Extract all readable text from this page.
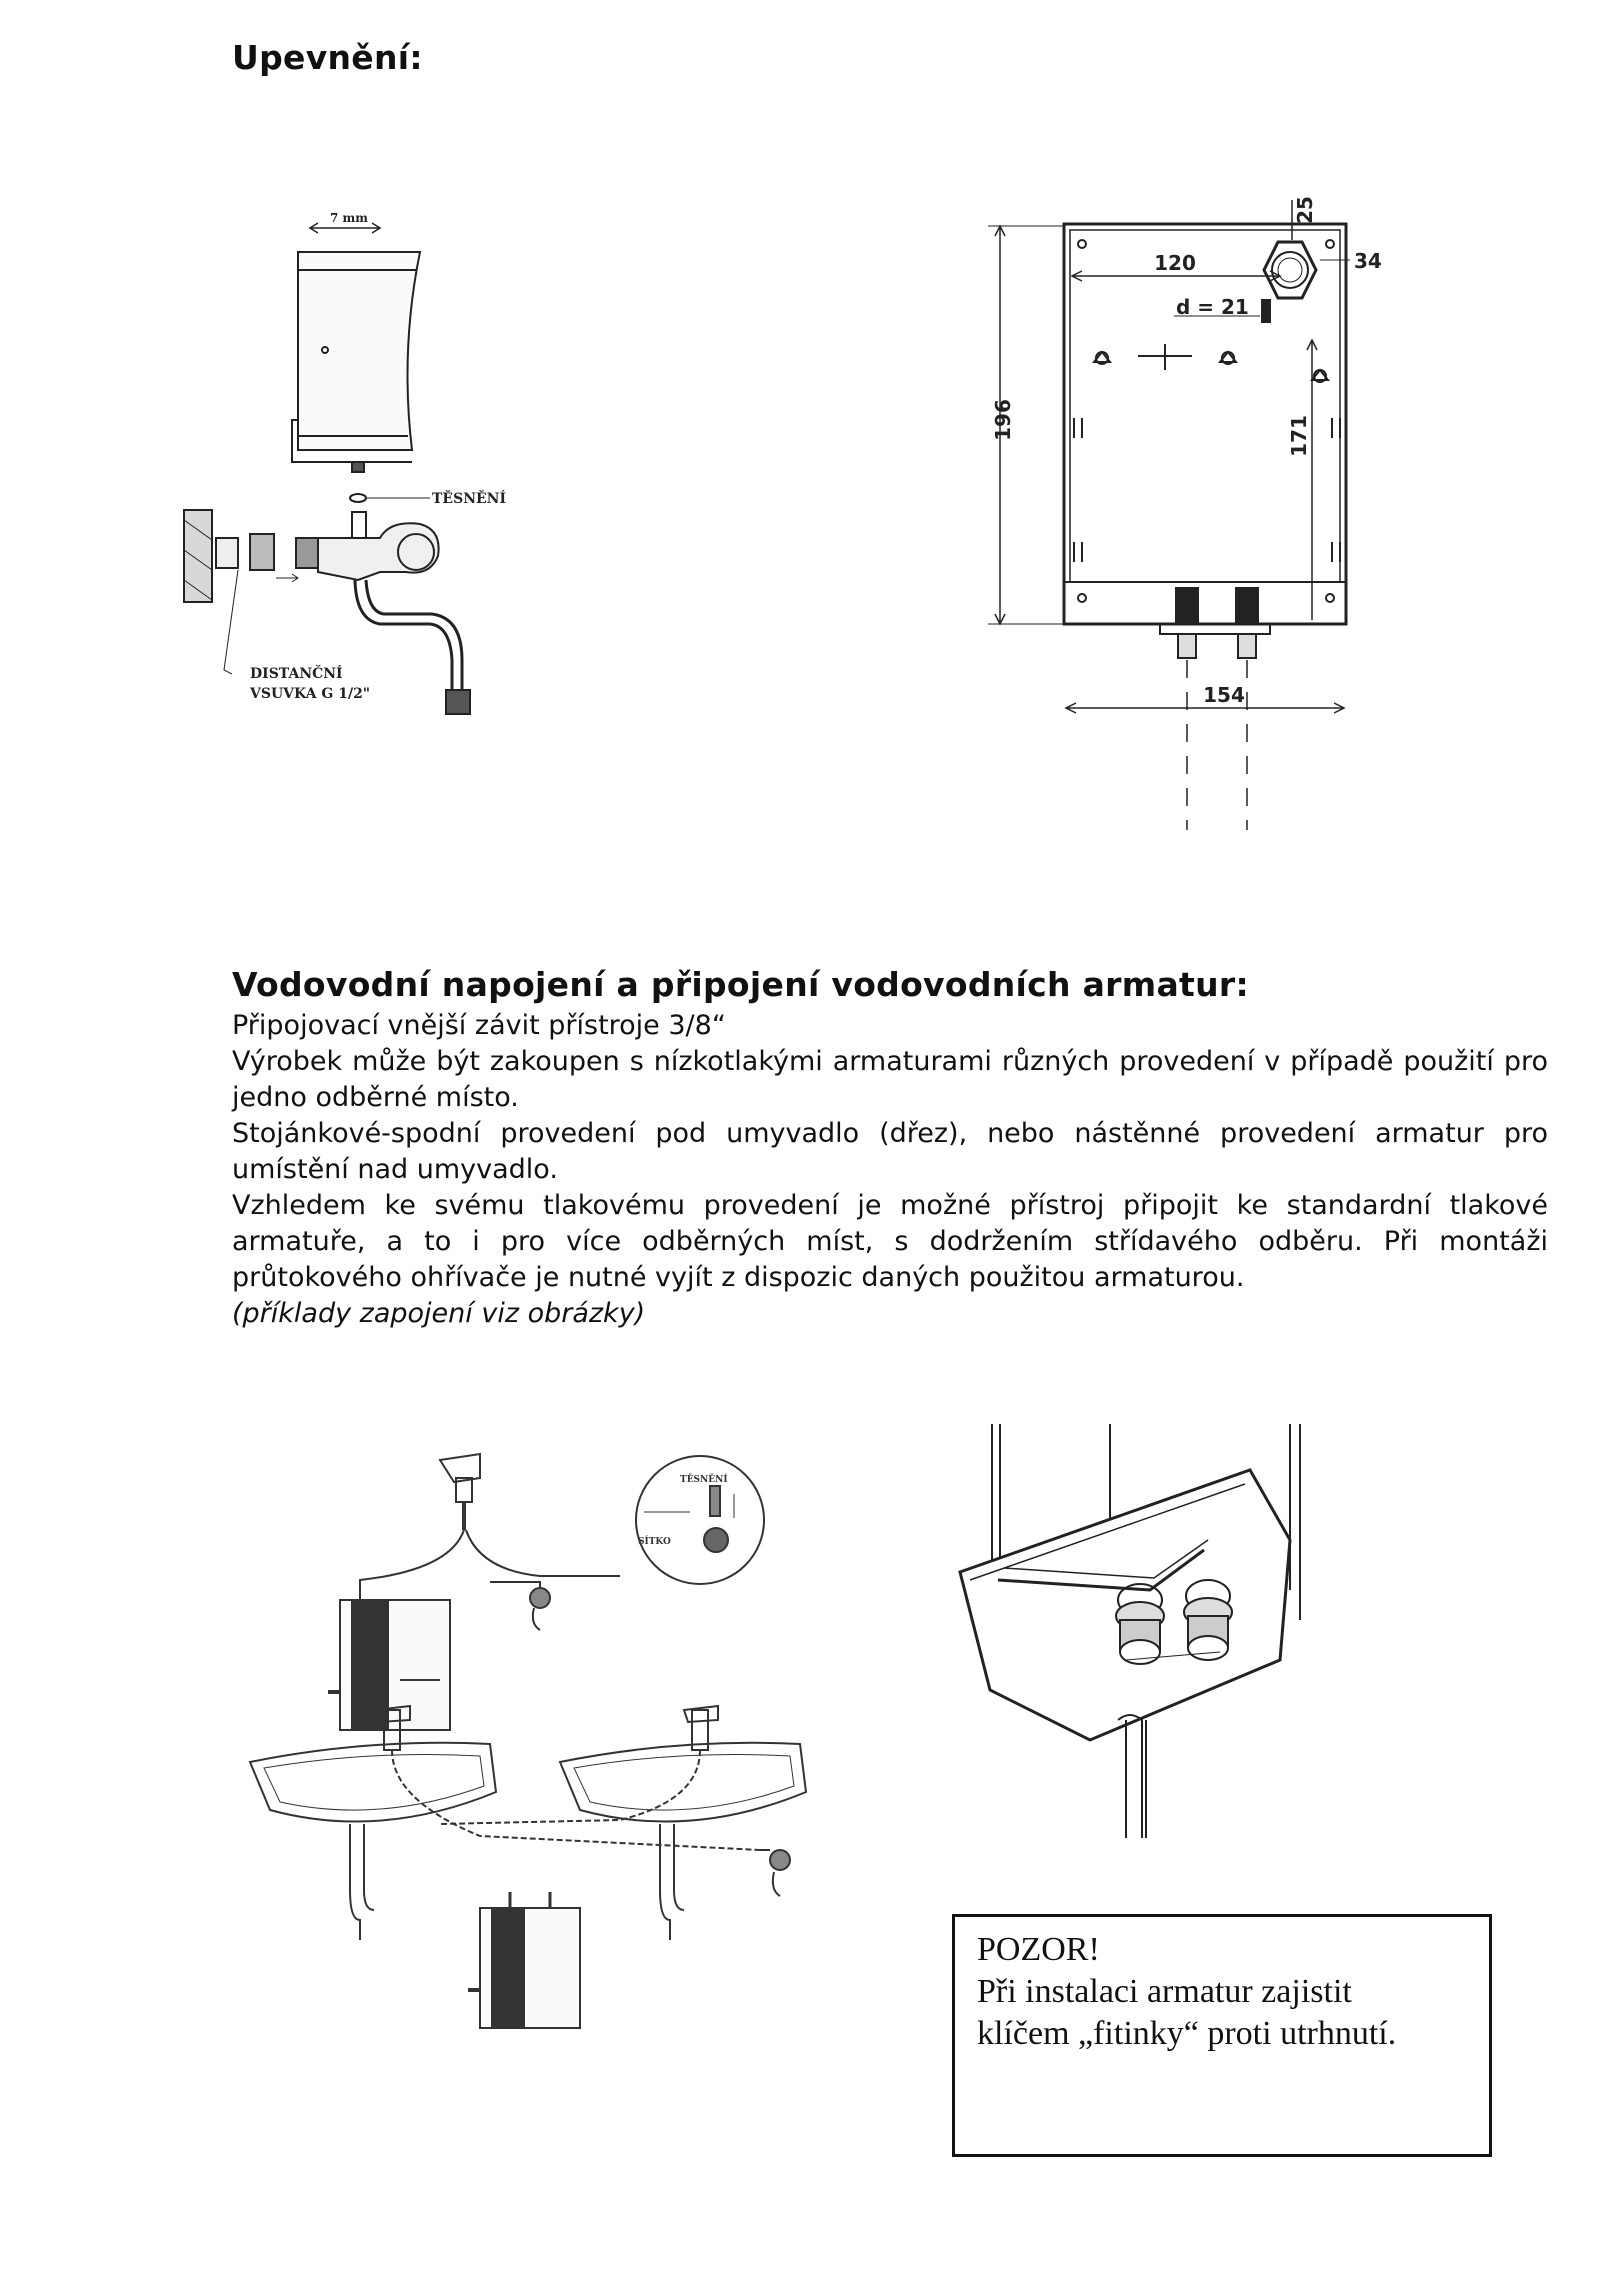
Upevnění:
7 mm
TĚSNĚNÍ
DISTANČNÍ
VSUVKA G 1/2"
196
120
25
34
d = 21
171
154
Vodovodní napojení a připojení vodovodních armatur:

Připojovací vnější závit přístroje 3/8“

Výrobek může být zakoupen s nízkotlakými armaturami různých provedení v případě použití pro jedno odběrné místo.

Stojánkové-spodní provedení pod umyvadlo (dřez), nebo nástěnné provedení armatur pro umístění nad umyvadlo.

Vzhledem ke svému tlakovému provedení je možné přístroj připojit ke standardní tlakové armatuře, a to i pro více odběrných míst, s dodržením střídavého odběru. Při montáži průtokového ohřívače je nutné vyjít z dispozic daných použitou armaturou.

(příklady zapojení viz obrázky)

TĚSNĚNÍ
SÍTKO
POZOR!
Při instalaci armatur zajistit
klíčem „fitinky“ proti utrhnutí.
